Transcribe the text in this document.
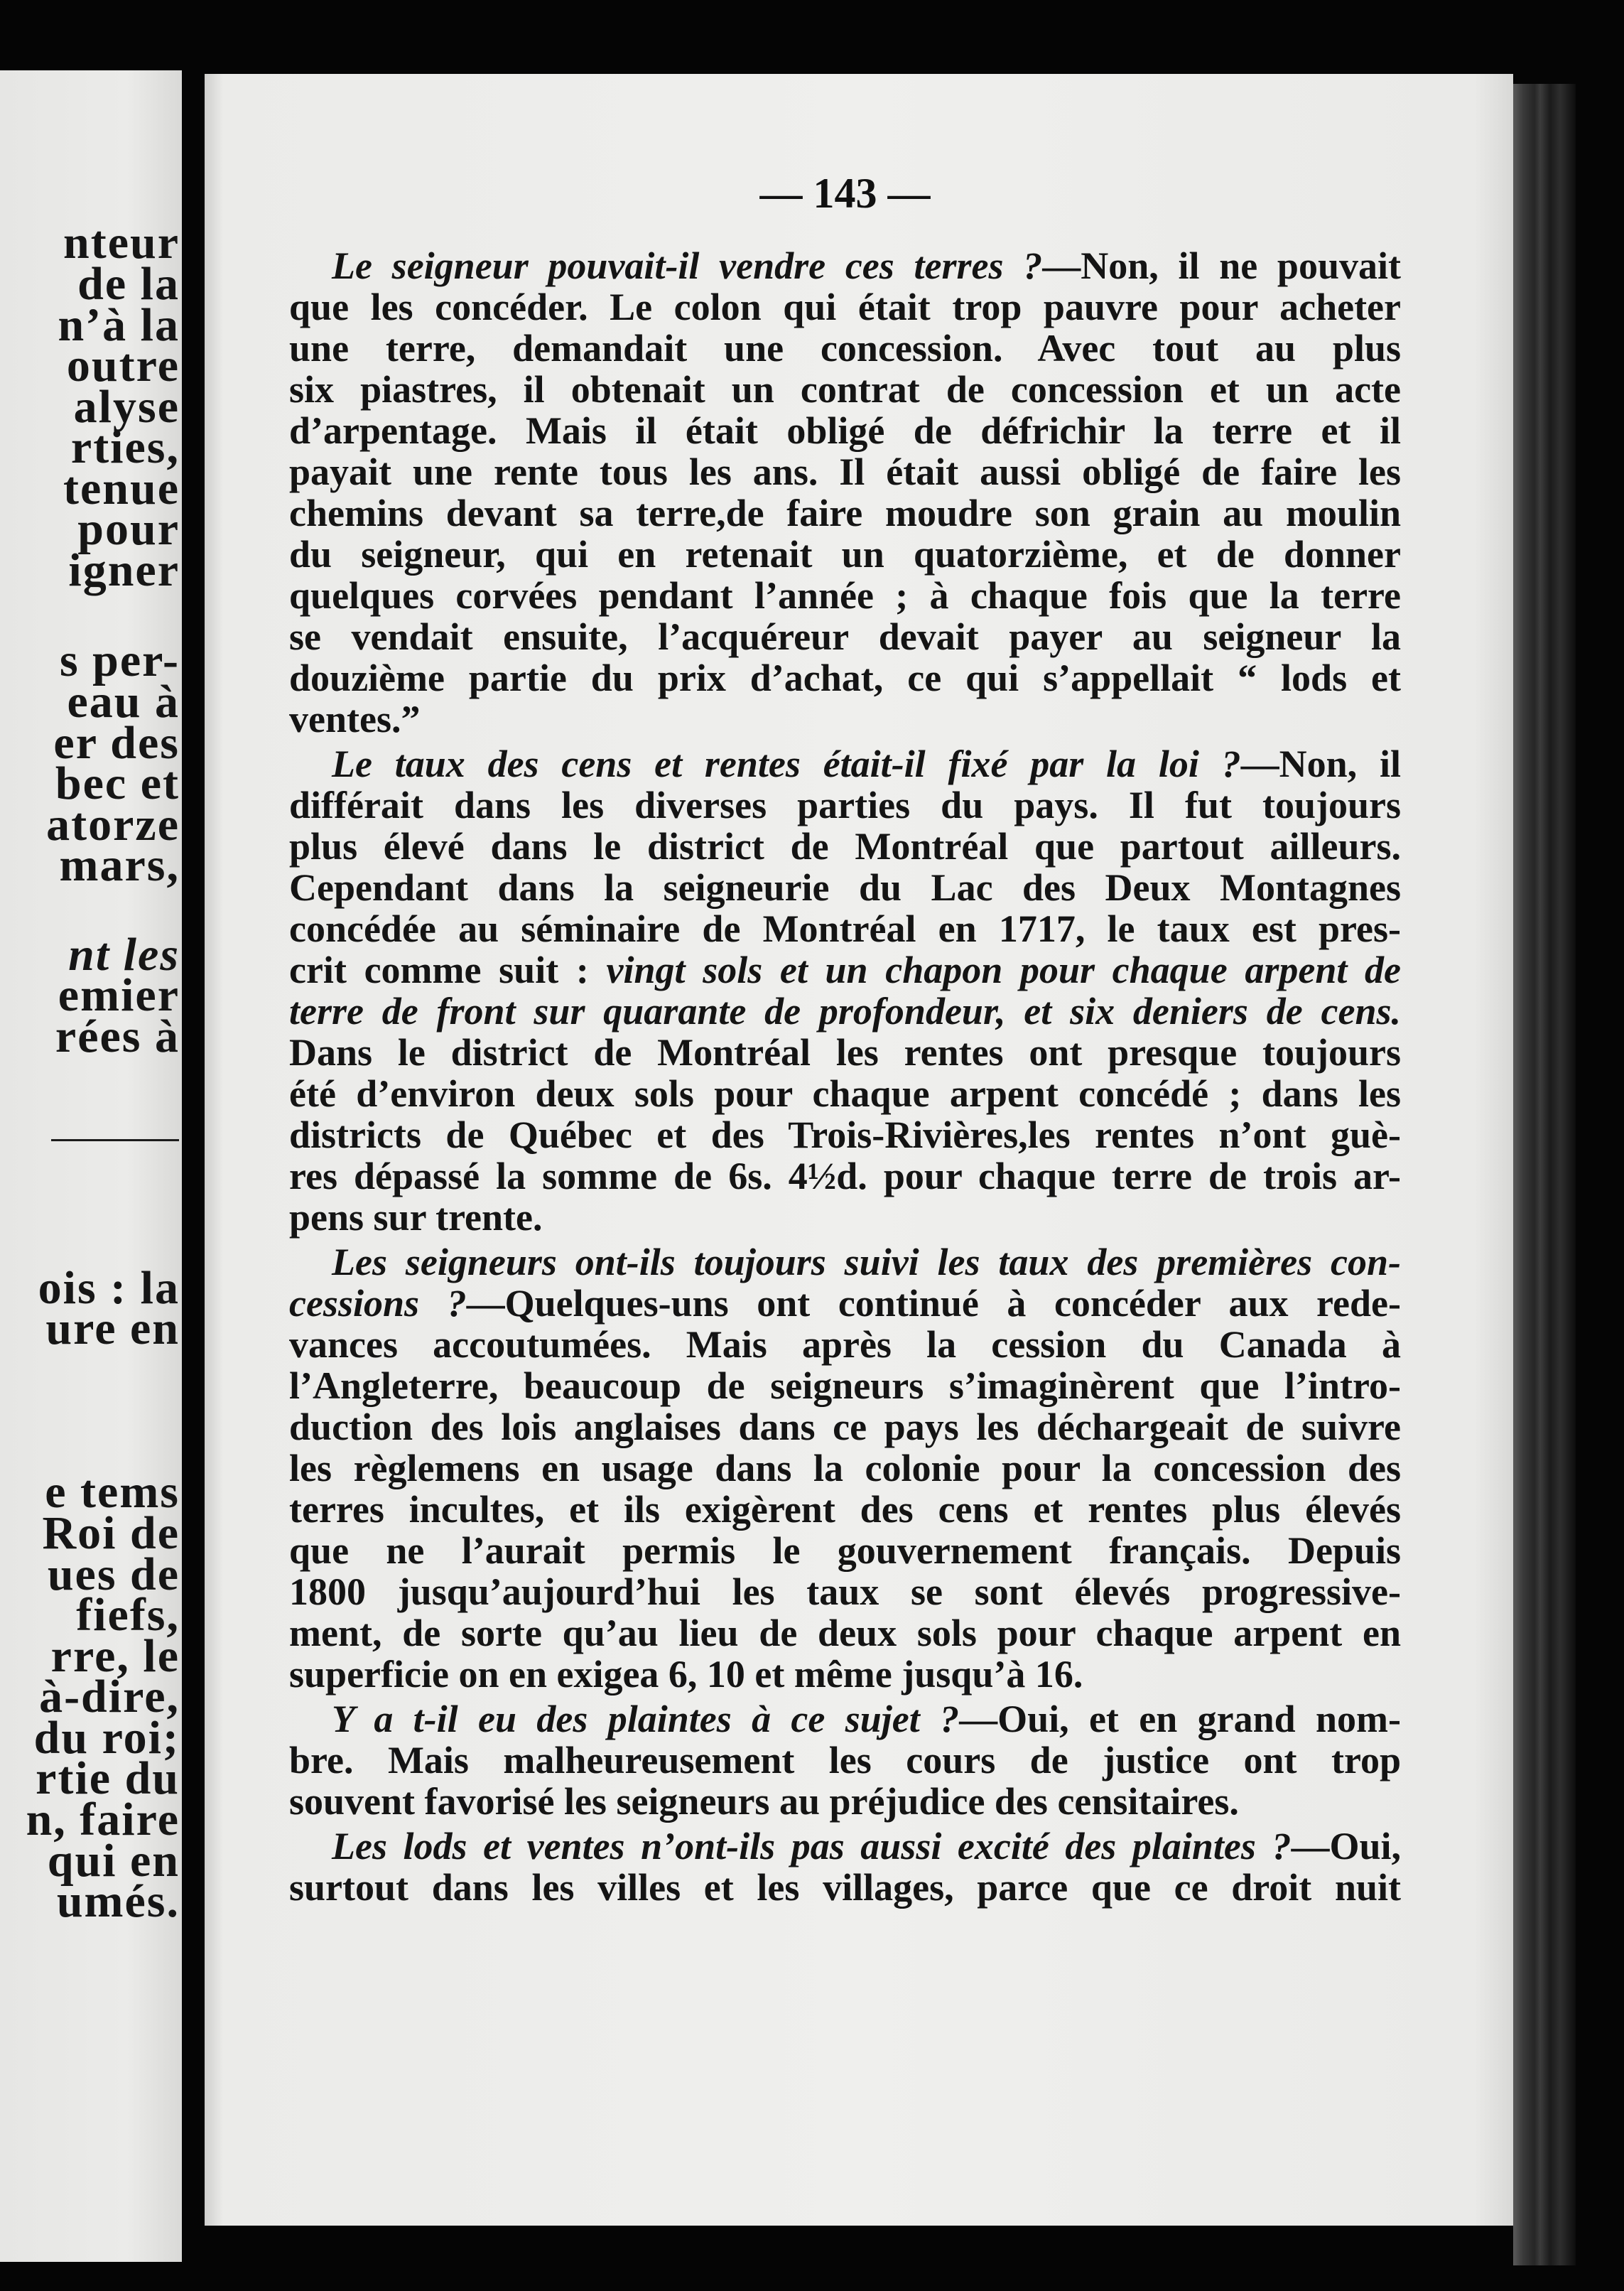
nteur
de la
n’à la
outre
alyse
rties,
tenue
pour
igner
s per-
eau à
er des
bec et
atorze
mars,
nt les
emier
rées à
ois : la
ure en
e tems
Roi de
ues de
fiefs,
rre, le
à-dire,
du roi;
rtie du
n, faire
qui en
umés.
— 143 —
Le seigneur pouvait-il vendre ces terres ?—Non, il ne pouvait
que les concéder. Le colon qui était trop pauvre pour acheter
une terre, demandait une concession. Avec tout au plus
six piastres, il obtenait un contrat de concession et un acte
d’arpentage. Mais il était obligé de défrichir la terre et il
payait une rente tous les ans. Il était aussi obligé de faire les
chemins devant sa terre,de faire moudre son grain au moulin
du seigneur, qui en retenait un quatorzième, et de donner
quelques corvées pendant l’année ; à chaque fois que la terre
se vendait ensuite, l’acquéreur devait payer au seigneur la
douzième partie du prix d’achat, ce qui s’appellait “ lods et
ventes.”
Le taux des cens et rentes était-il fixé par la loi ?—Non, il
différait dans les diverses parties du pays. Il fut toujours
plus élevé dans le district de Montréal que partout ailleurs.
Cependant dans la seigneurie du Lac des Deux Montagnes
concédée au séminaire de Montréal en 1717, le taux est pres-
crit comme suit : vingt sols et un chapon pour chaque arpent de
terre de front sur quarante de profondeur, et six deniers de cens.
Dans le district de Montréal les rentes ont presque toujours
été d’environ deux sols pour chaque arpent concédé ; dans les
districts de Québec et des Trois-Rivières,les rentes n’ont guè-
res dépassé la somme de 6s. 4½d. pour chaque terre de trois ar-
pens sur trente.
Les seigneurs ont-ils toujours suivi les taux des premières con-
cessions ?—Quelques-uns ont continué à concéder aux rede-
vances accoutumées. Mais après la cession du Canada à
l’Angleterre, beaucoup de seigneurs s’imaginèrent que l’intro-
duction des lois anglaises dans ce pays les déchargeait de suivre
les règlemens en usage dans la colonie pour la concession des
terres incultes, et ils exigèrent des cens et rentes plus élevés
que ne l’aurait permis le gouvernement français. Depuis
1800 jusqu’aujourd’hui les taux se sont élevés progressive-
ment, de sorte qu’au lieu de deux sols pour chaque arpent en
superficie on en exigea 6, 10 et même jusqu’à 16.
Y a t-il eu des plaintes à ce sujet ?—Oui, et en grand nom-
bre. Mais malheureusement les cours de justice ont trop
souvent favorisé les seigneurs au préjudice des censitaires.
Les lods et ventes n’ont-ils pas aussi excité des plaintes ?—Oui,
surtout dans les villes et les villages, parce que ce droit nuit
